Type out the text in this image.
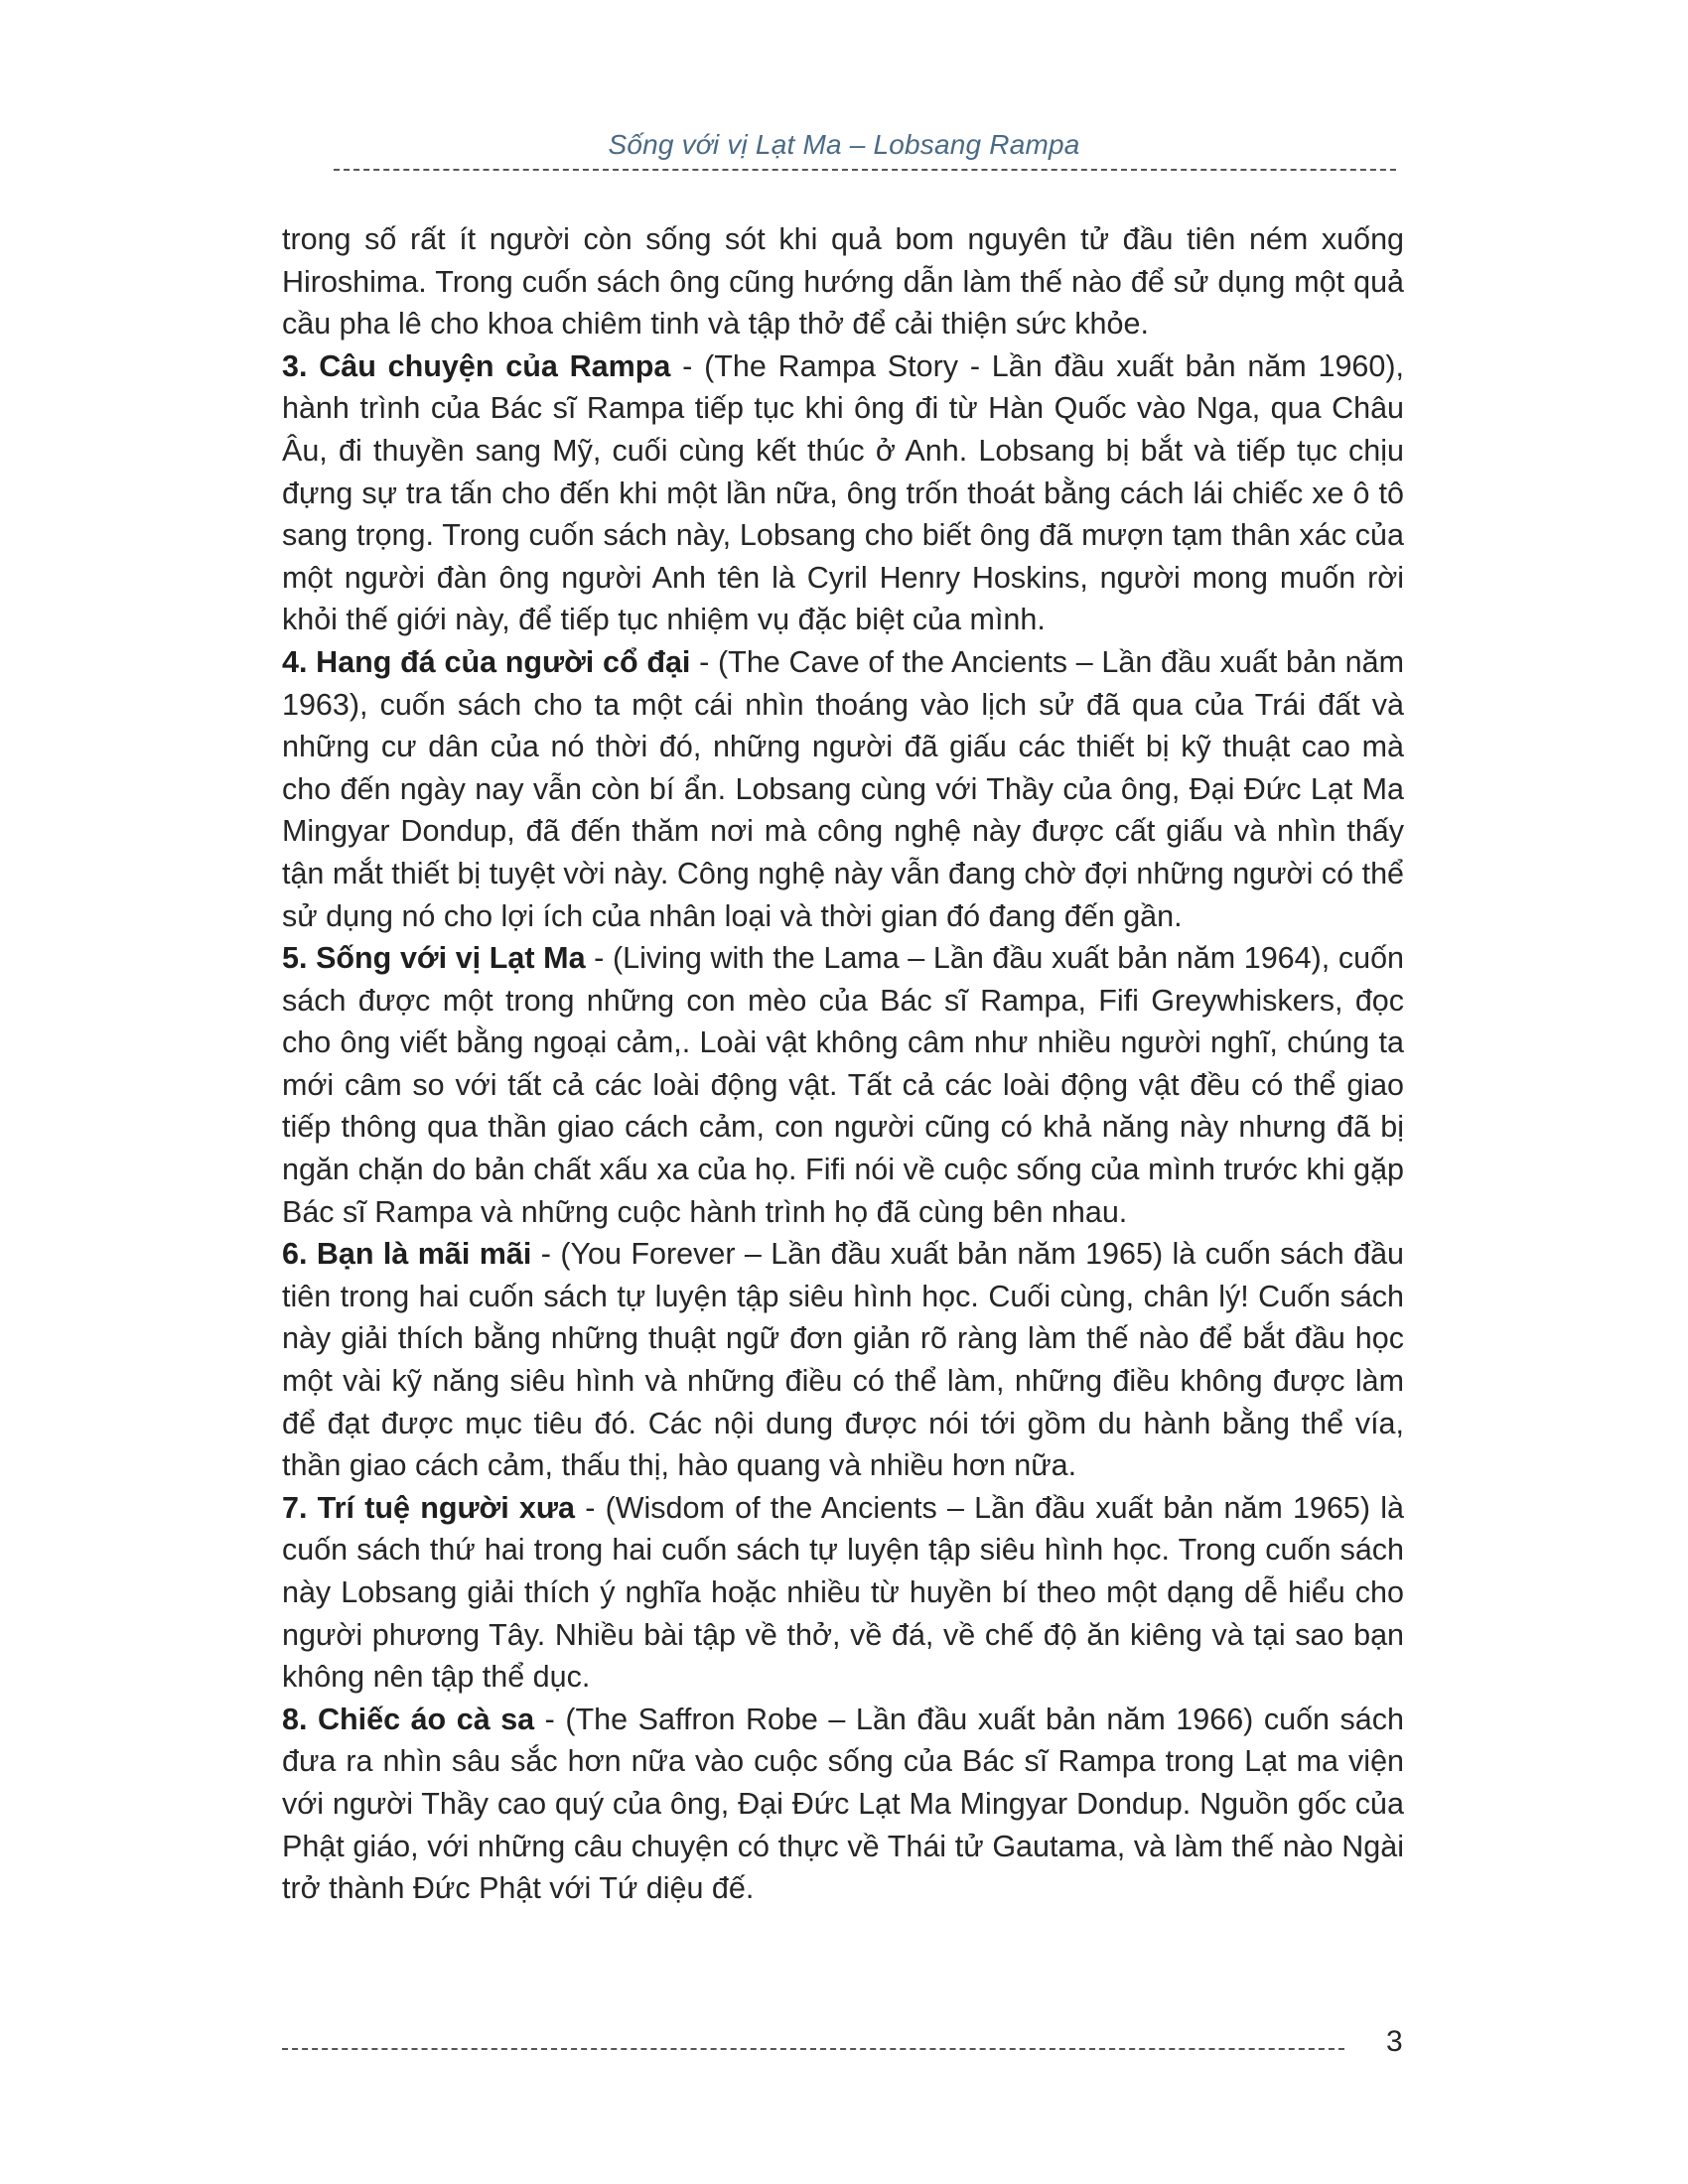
Sống với vị Lạt Ma – Lobsang Rampa

trong số rất ít người còn sống sót khi quả bom nguyên tử đầu tiên ném xuống Hiroshima. Trong cuốn sách ông cũng hướng dẫn làm thế nào để sử dụng một quả cầu pha lê cho khoa chiêm tinh và tập thở để cải thiện sức khỏe.

3. Câu chuyện của Rampa - (The Rampa Story - Lần đầu xuất bản năm 1960), hành trình của Bác sĩ Rampa tiếp tục khi ông đi từ Hàn Quốc vào Nga, qua Châu Âu, đi thuyền sang Mỹ, cuối cùng kết thúc ở Anh. Lobsang bị bắt và tiếp tục chịu đựng sự tra tấn cho đến khi một lần nữa, ông trốn thoát bằng cách lái chiếc xe ô tô sang trọng. Trong cuốn sách này, Lobsang cho biết ông đã mượn tạm thân xác của một người đàn ông người Anh tên là Cyril Henry Hoskins, người mong muốn rời khỏi thế giới này, để tiếp tục nhiệm vụ đặc biệt của mình.

4. Hang đá của người cổ đại - (The Cave of the Ancients – Lần đầu xuất bản năm 1963), cuốn sách cho ta một cái nhìn thoáng vào lịch sử đã qua của Trái đất và những cư dân của nó thời đó, những người đã giấu các thiết bị kỹ thuật cao mà cho đến ngày nay vẫn còn bí ẩn. Lobsang cùng với Thầy của ông, Đại Đức Lạt Ma Mingyar Dondup, đã đến thăm nơi mà công nghệ này được cất giấu và nhìn thấy tận mắt thiết bị tuyệt vời này. Công nghệ này vẫn đang chờ đợi những người có thể sử dụng nó cho lợi ích của nhân loại và thời gian đó đang đến gần.

5. Sống với vị Lạt Ma - (Living with the Lama – Lần đầu xuất bản năm 1964), cuốn sách được một trong những con mèo của Bác sĩ Rampa, Fifi Greywhiskers, đọc cho ông viết bằng ngoại cảm,. Loài vật không câm như nhiều người nghĩ, chúng ta mới câm so với tất cả các loài động vật. Tất cả các loài động vật đều có thể giao tiếp thông qua thần giao cách cảm, con người cũng có khả năng này nhưng đã bị ngăn chặn do bản chất xấu xa của họ. Fifi nói về cuộc sống của mình trước khi gặp Bác sĩ Rampa và những cuộc hành trình họ đã cùng bên nhau.

6. Bạn là mãi mãi - (You Forever – Lần đầu xuất bản năm 1965) là cuốn sách đầu tiên trong hai cuốn sách tự luyện tập siêu hình học. Cuối cùng, chân lý! Cuốn sách này giải thích bằng những thuật ngữ đơn giản rõ ràng làm thế nào để bắt đầu học một vài kỹ năng siêu hình và những điều có thể làm, những điều không được làm để đạt được mục tiêu đó. Các nội dung được nói tới gồm du hành bằng thể vía, thần giao cách cảm, thấu thị, hào quang và nhiều hơn nữa.

7. Trí tuệ người xưa - (Wisdom of the Ancients – Lần đầu xuất bản năm 1965) là cuốn sách thứ hai trong hai cuốn sách tự luyện tập siêu hình học. Trong cuốn sách này Lobsang giải thích ý nghĩa hoặc nhiều từ huyền bí theo một dạng dễ hiểu cho người phương Tây. Nhiều bài tập về thở, về đá, về chế độ ăn kiêng và tại sao bạn không nên tập thể dục.

8. Chiếc áo cà sa - (The Saffron Robe – Lần đầu xuất bản năm 1966) cuốn sách đưa ra nhìn sâu sắc hơn nữa vào cuộc sống của Bác sĩ Rampa trong Lạt ma viện với người Thầy cao quý của ông, Đại Đức Lạt Ma Mingyar Dondup. Nguồn gốc của Phật giáo, với những câu chuyện có thực về Thái tử Gautama, và làm thế nào Ngài trở thành Đức Phật với Tứ diệu đế.

3
